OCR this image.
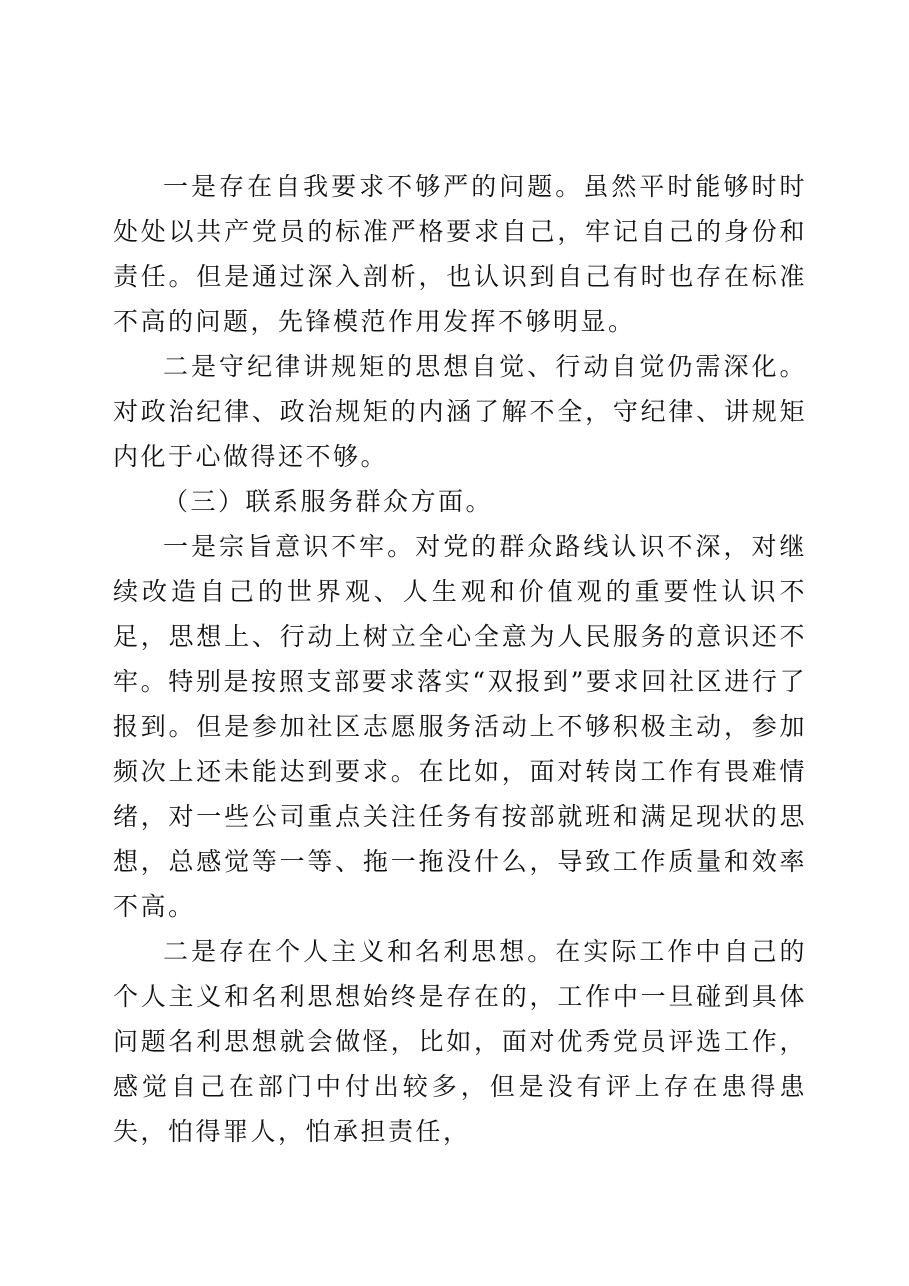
一是存在自我要求不够严的问题。虽然平时能够时时处处以共产党员的标准严格要求自己，牢记自己的身份和责任。但是通过深入剖析，也认识到自己有时也存在标准不高的问题，先锋模范作用发挥不够明显。

二是守纪律讲规矩的思想自觉、行动自觉仍需深化。对政治纪律、政治规矩的内涵了解不全，守纪律、讲规矩内化于心做得还不够。

（三）联系服务群众方面。

一是宗旨意识不牢。对党的群众路线认识不深，对继续改造自己的世界观、人生观和价值观的重要性认识不足，思想上、行动上树立全心全意为人民服务的意识还不牢。特别是按照支部要求落实“双报到”要求回社区进行了报到。但是参加社区志愿服务活动上不够积极主动，参加频次上还未能达到要求。在比如，面对转岗工作有畏难情绪，对一些公司重点关注任务有按部就班和满足现状的思想，总感觉等一等、拖一拖没什么，导致工作质量和效率不高。

二是存在个人主义和名利思想。在实际工作中自己的个人主义和名利思想始终是存在的，工作中一旦碰到具体问题名利思想就会做怪，比如，面对优秀党员评选工作，感觉自己在部门中付出较多，但是没有评上存在患得患失，怕得罪人，怕承担责任，
